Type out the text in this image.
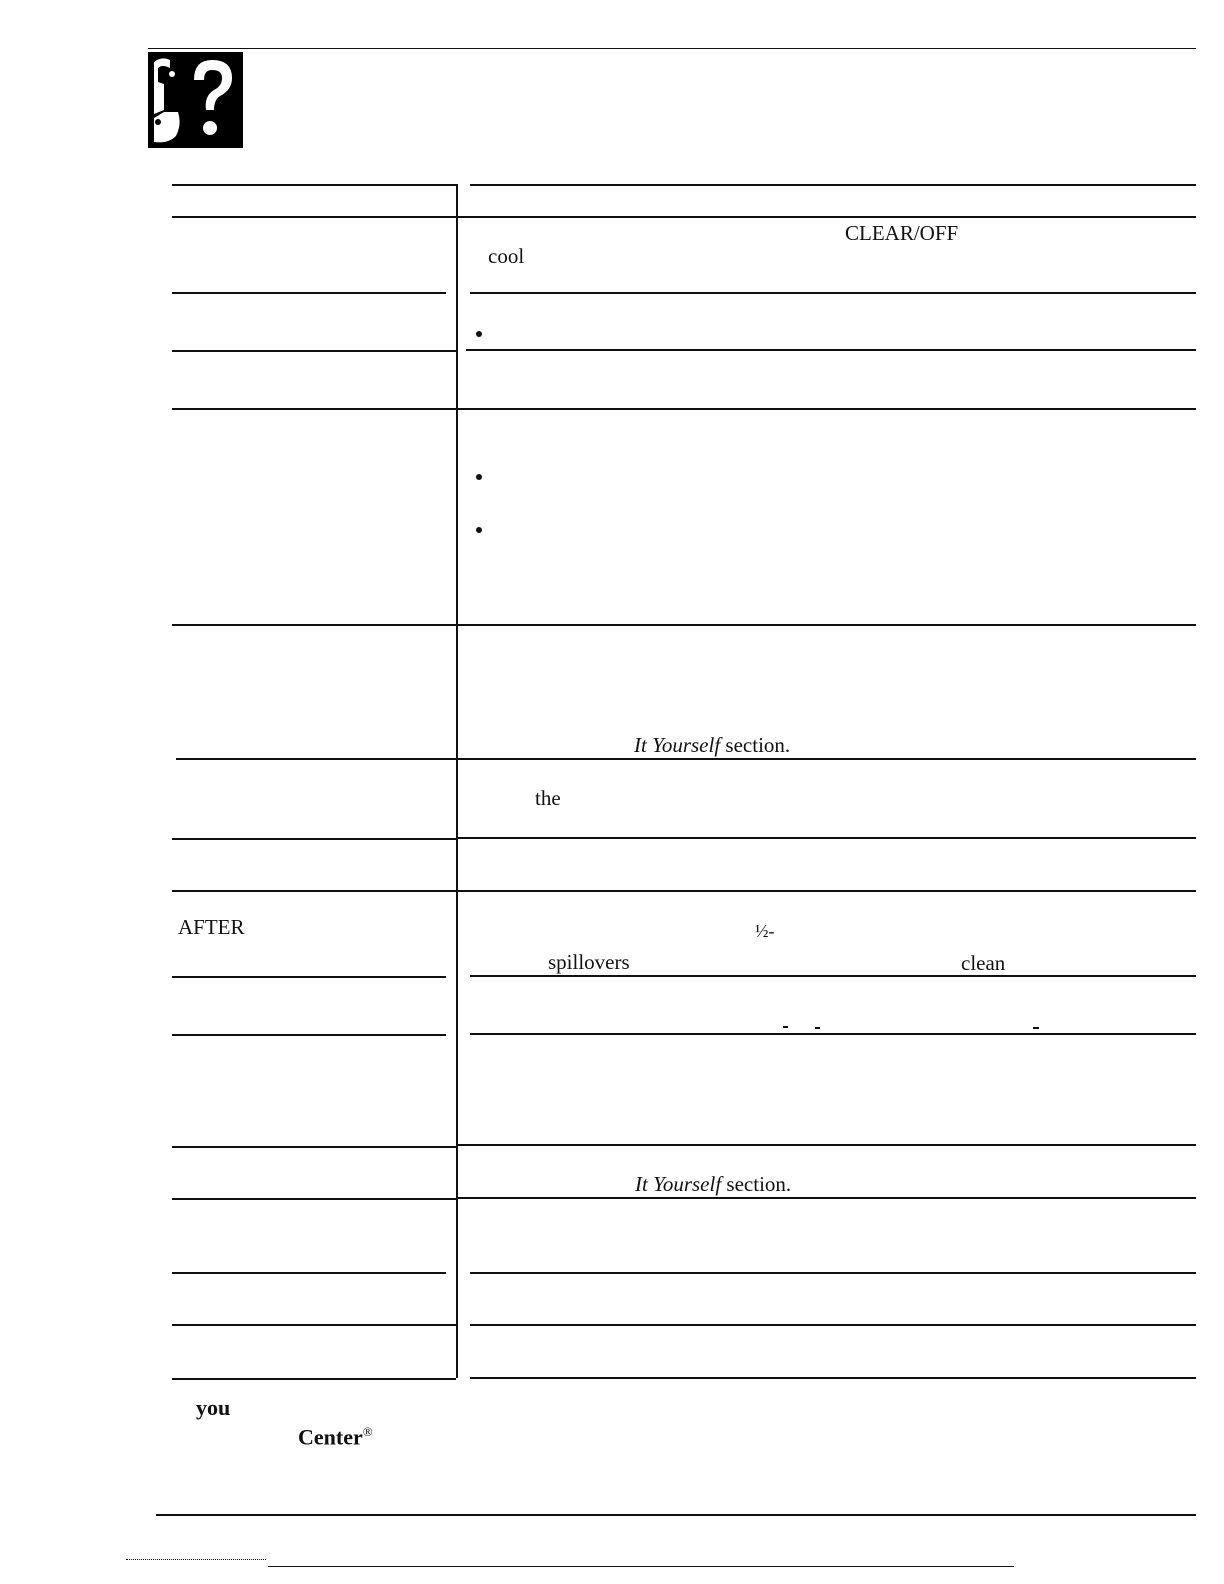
CLEAR/OFF
cool
It Yourself section.
the
AFTER	½-
spillovers	clean
It Yourself section.
you
Center®
